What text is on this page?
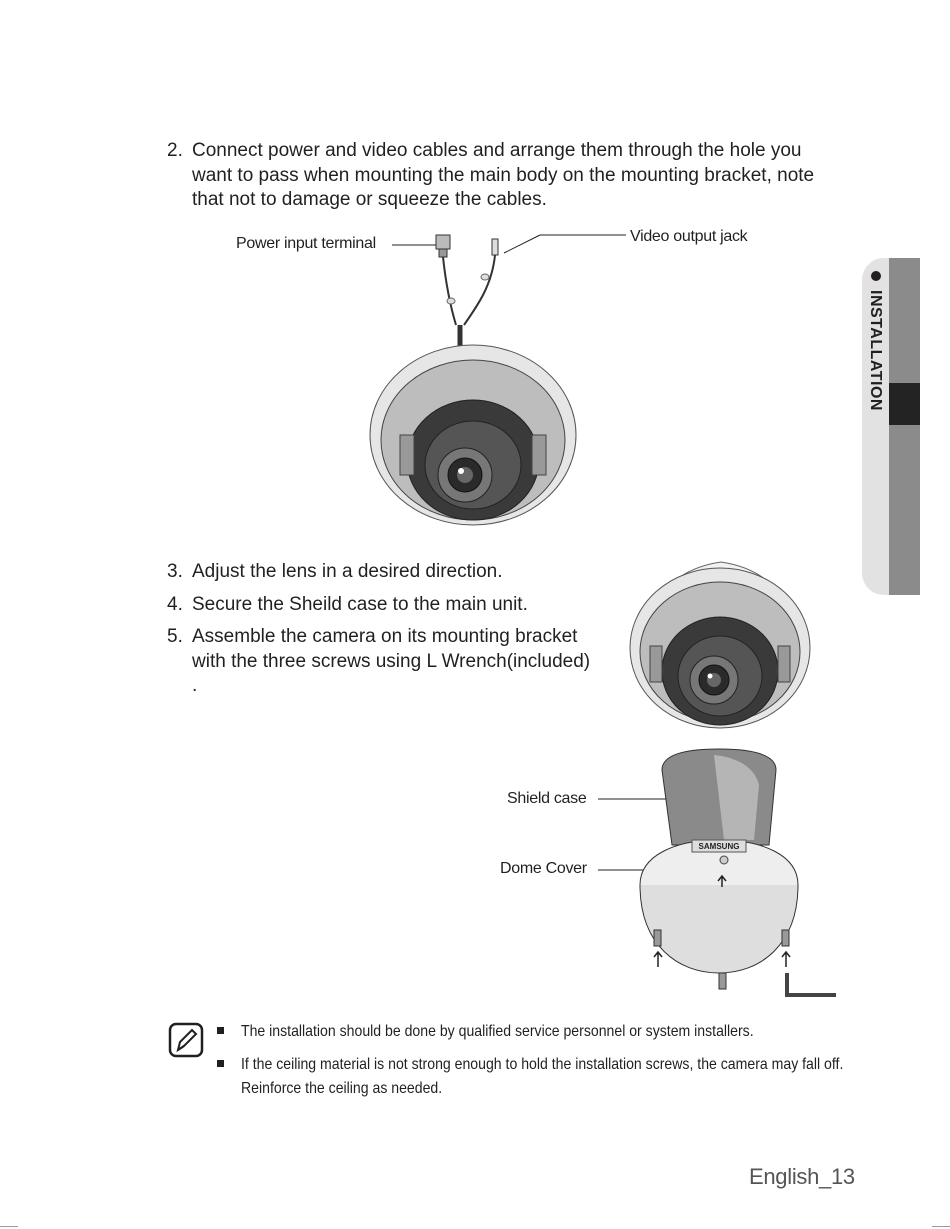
INSTALLATION
2. Connect power and video cables and arrange them through the hole you
want to pass when mounting the main body on the mounting bracket, note
that not to damage or squeeze the cables.
Power input terminal	Video output jack
3. Adjust the lens in a desired direction.
4. Secure the Sheild case to the main unit.
5. Assemble the camera on its mounting bracket
with the three screws using L Wrench(included)
.
Shield case
Dome Cover
SAMSUNG
The installation should be done by qualified service personnel or system installers.
If the ceiling material is not strong enough to hold the installation screws, the camera may fall off.
Reinforce the ceiling as needed.
English_13
